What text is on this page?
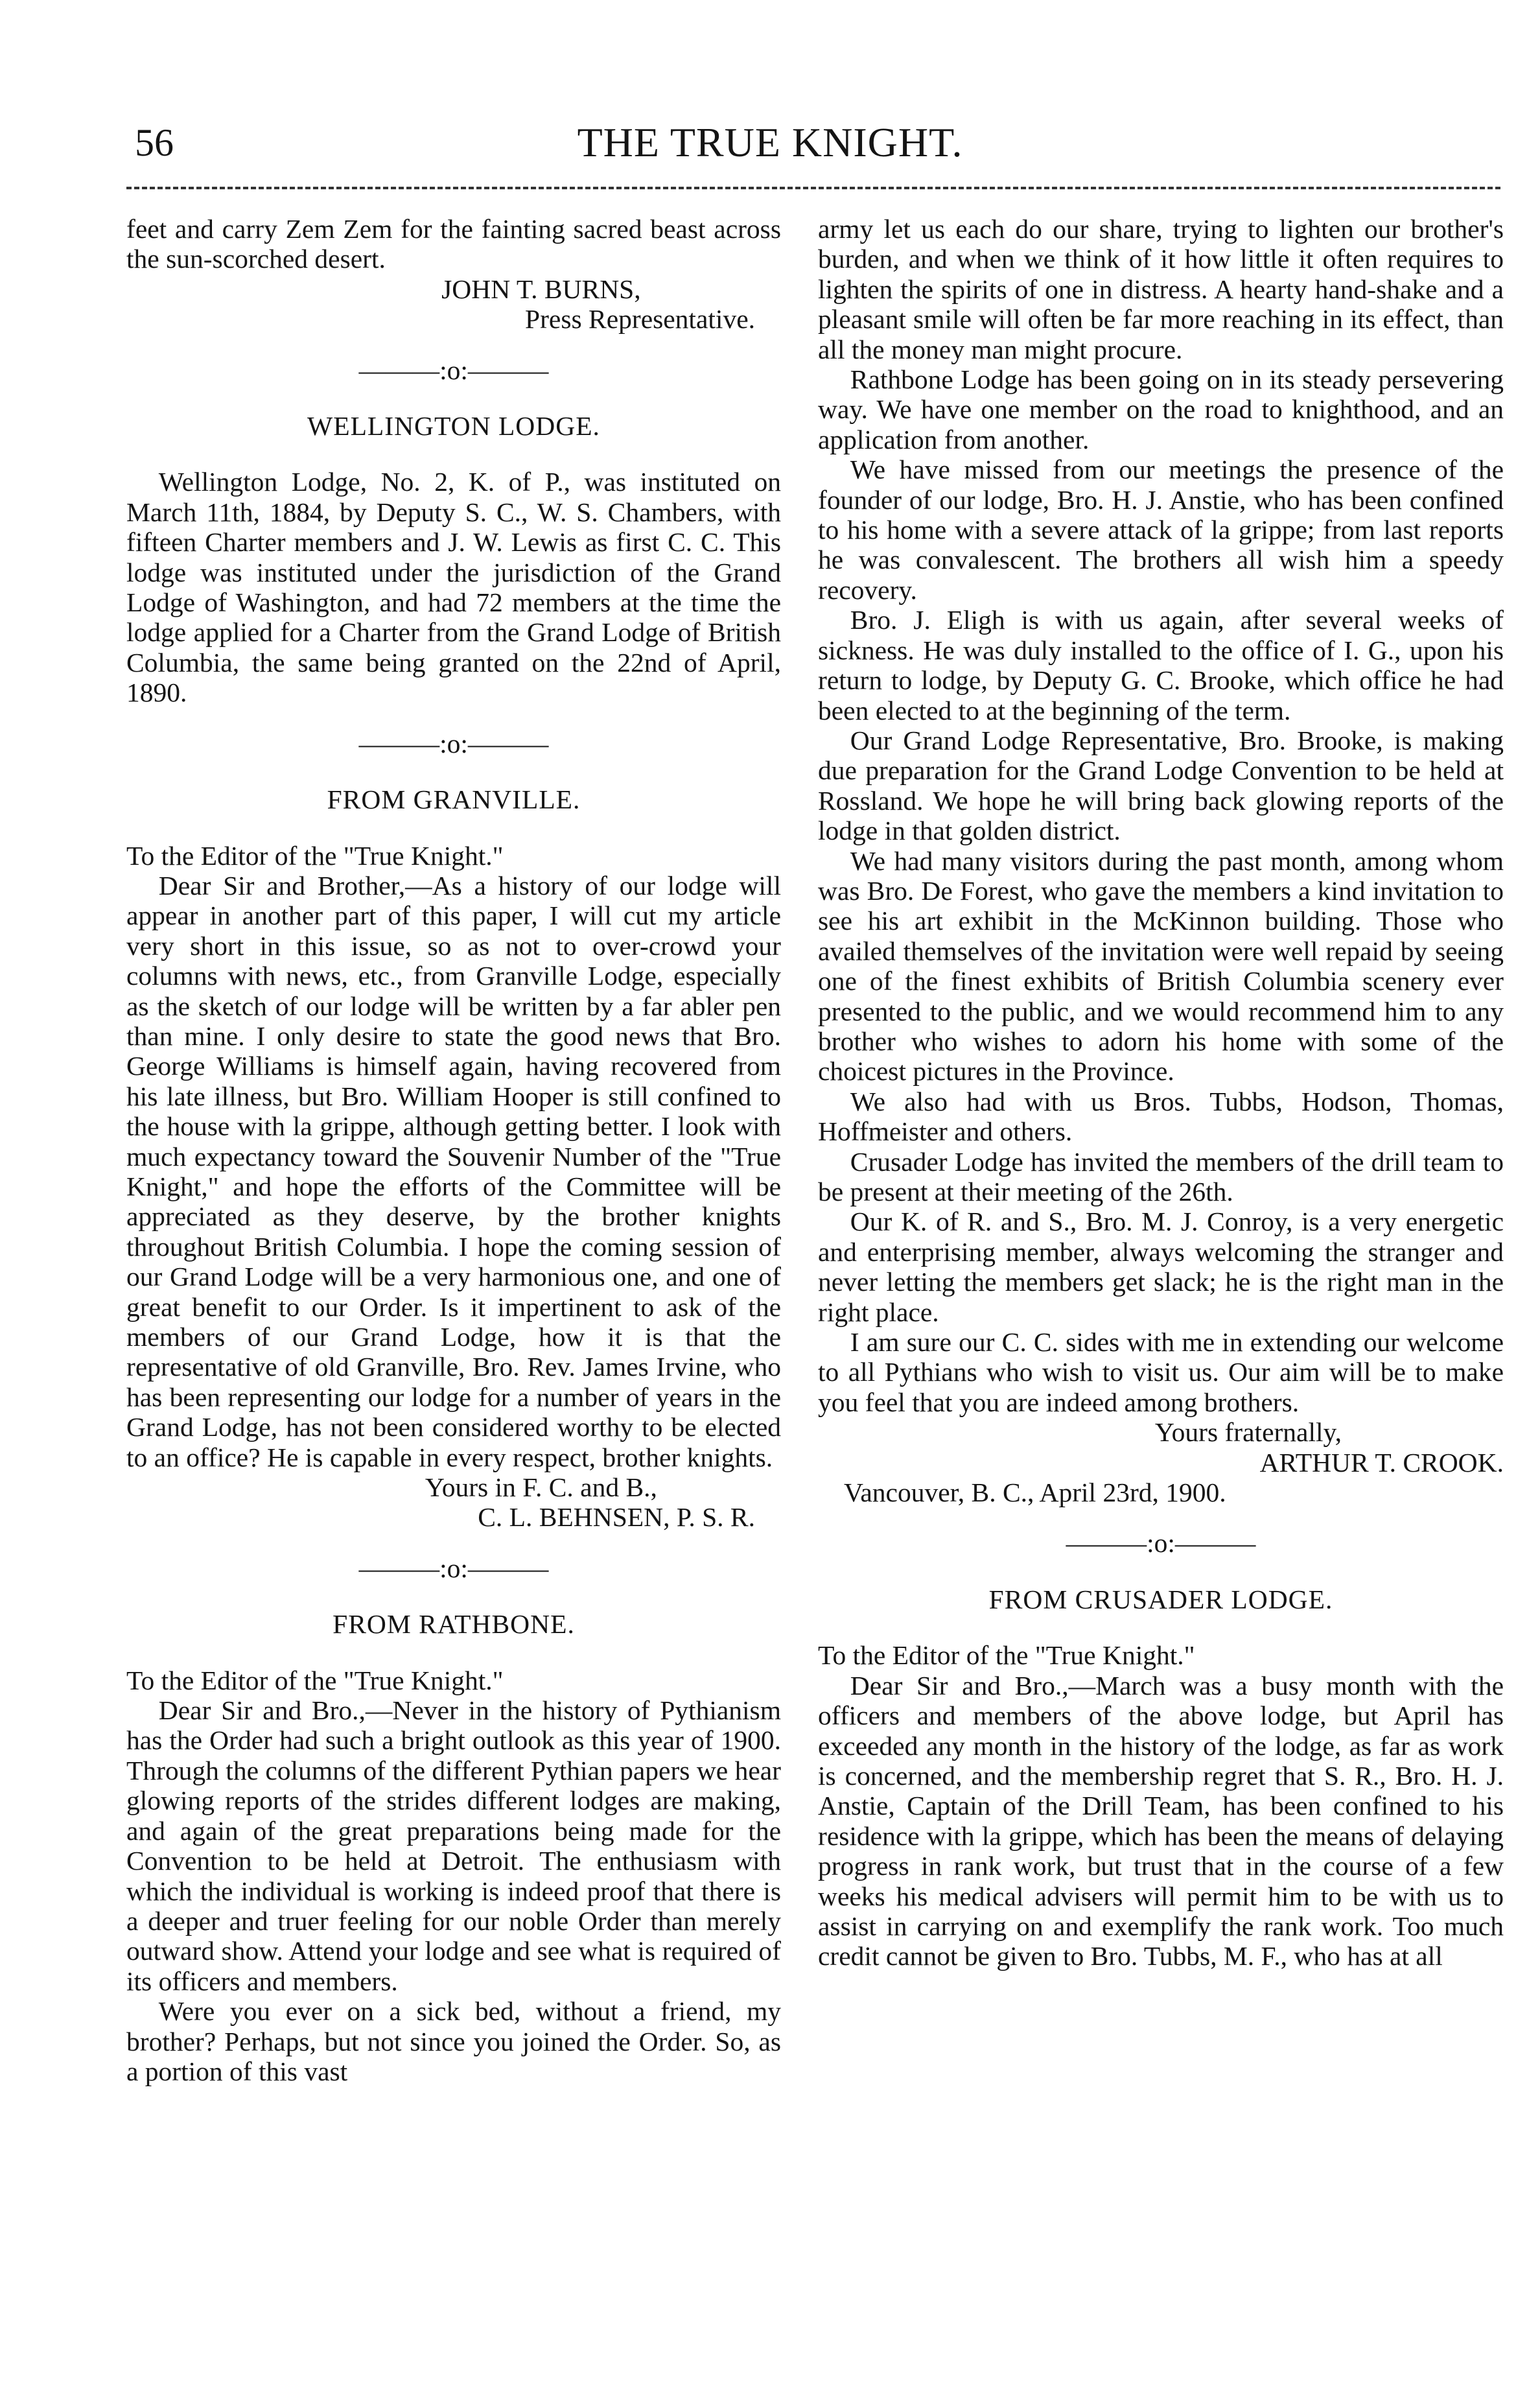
56	THE TRUE KNIGHT.

feet and carry Zem Zem for the fainting sacred beast across the sun-scorched desert.

JOHN T. BURNS,

Press Representative.

———:o:———
WELLINGTON LODGE.

Wellington Lodge, No. 2, K. of P., was instituted on March 11th, 1884, by Deputy S. C., W. S. Chambers, with fifteen Charter members and J. W. Lewis as first C. C. This lodge was instituted under the jurisdiction of the Grand Lodge of Washington, and had 72 members at the time the lodge applied for a Charter from the Grand Lodge of British Columbia, the same being granted on the 22nd of April, 1890.

———:o:———
FROM GRANVILLE.

To the Editor of the "True Knight."

Dear Sir and Brother,—As a history of our lodge will appear in another part of this paper, I will cut my article very short in this issue, so as not to over-crowd your columns with news, etc., from Granville Lodge, especially as the sketch of our lodge will be written by a far abler pen than mine. I only desire to state the good news that Bro. George Williams is himself again, having recovered from his late illness, but Bro. William Hooper is still confined to the house with la grippe, although getting better. I look with much expectancy toward the Souvenir Number of the "True Knight," and hope the efforts of the Committee will be appreciated as they deserve, by the brother knights throughout British Columbia. I hope the coming session of our Grand Lodge will be a very harmonious one, and one of great benefit to our Order. Is it impertinent to ask of the members of our Grand Lodge, how it is that the representative of old Granville, Bro. Rev. James Irvine, who has been representing our lodge for a number of years in the Grand Lodge, has not been considered worthy to be elected to an office? He is capable in every respect, brother knights.

Yours in F. C. and B.,

C. L. BEHNSEN, P. S. R.

———:o:———
FROM RATHBONE.

To the Editor of the "True Knight."

Dear Sir and Bro.,—Never in the history of Pythianism has the Order had such a bright outlook as this year of 1900. Through the columns of the different Pythian papers we hear glowing reports of the strides different lodges are making, and again of the great preparations being made for the Convention to be held at Detroit. The enthusiasm with which the individual is working is indeed proof that there is a deeper and truer feeling for our noble Order than merely outward show. Attend your lodge and see what is required of its officers and members.

Were you ever on a sick bed, without a friend, my brother? Perhaps, but not since you joined the Order. So, as a portion of this vast

army let us each do our share, trying to lighten our brother's burden, and when we think of it how little it often requires to lighten the spirits of one in distress. A hearty hand-shake and a pleasant smile will often be far more reaching in its effect, than all the money man might procure.

Rathbone Lodge has been going on in its steady persevering way. We have one member on the road to knighthood, and an application from another.

We have missed from our meetings the presence of the founder of our lodge, Bro. H. J. Anstie, who has been confined to his home with a severe attack of la grippe; from last reports he was convalescent. The brothers all wish him a speedy recovery.

Bro. J. Eligh is with us again, after several weeks of sickness. He was duly installed to the office of I. G., upon his return to lodge, by Deputy G. C. Brooke, which office he had been elected to at the beginning of the term.

Our Grand Lodge Representative, Bro. Brooke, is making due preparation for the Grand Lodge Convention to be held at Rossland. We hope he will bring back glowing reports of the lodge in that golden district.

We had many visitors during the past month, among whom was Bro. De Forest, who gave the members a kind invitation to see his art exhibit in the McKinnon building. Those who availed themselves of the invitation were well repaid by seeing one of the finest exhibits of British Columbia scenery ever presented to the public, and we would recommend him to any brother who wishes to adorn his home with some of the choicest pictures in the Province.

We also had with us Bros. Tubbs, Hodson, Thomas, Hoffmeister and others.

Crusader Lodge has invited the members of the drill team to be present at their meeting of the 26th.

Our K. of R. and S., Bro. M. J. Conroy, is a very energetic and enterprising member, always welcoming the stranger and never letting the members get slack; he is the right man in the right place.

I am sure our C. C. sides with me in extending our welcome to all Pythians who wish to visit us. Our aim will be to make you feel that you are indeed among brothers.

Yours fraternally,

ARTHUR T. CROOK.

Vancouver, B. C., April 23rd, 1900.

———:o:———
FROM CRUSADER LODGE.

To the Editor of the "True Knight."

Dear Sir and Bro.,—March was a busy month with the officers and members of the above lodge, but April has exceeded any month in the history of the lodge, as far as work is concerned, and the membership regret that S. R., Bro. H. J. Anstie, Captain of the Drill Team, has been confined to his residence with la grippe, which has been the means of delaying progress in rank work, but trust that in the course of a few weeks his medical advisers will permit him to be with us to assist in carrying on and exemplify the rank work. Too much credit cannot be given to Bro. Tubbs, M. F., who has at all
